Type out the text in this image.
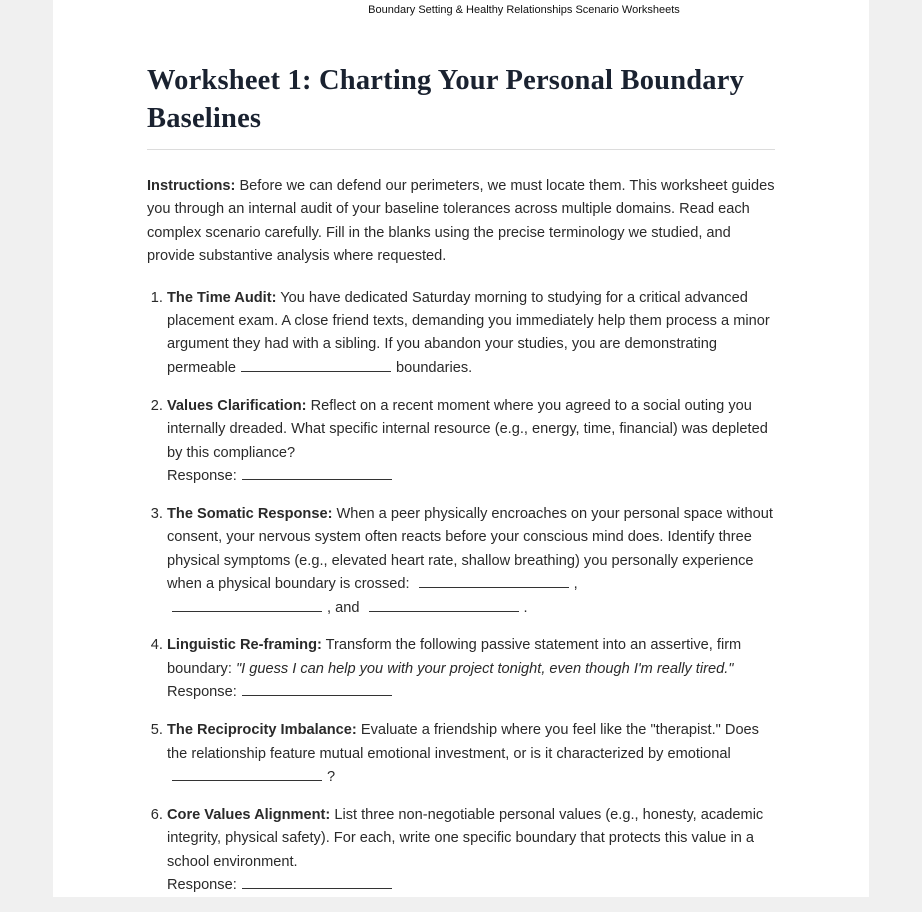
Boundary Setting & Healthy Relationships Scenario Worksheets
Worksheet 1: Charting Your Personal Boundary Baselines

Instructions: Before we can defend our perimeters, we must locate them. This worksheet guides you through an internal audit of your baseline tolerances across multiple domains. Read each complex scenario carefully. Fill in the blanks using the precise terminology we studied, and provide substantive analysis where requested.

1. The Time Audit: You have dedicated Saturday morning to studying for a critical advanced placement exam. A close friend texts, demanding you immediately help them process a minor argument they had with a sibling. If you abandon your studies, you are demonstrating permeable	boundaries.
2. Values Clarification: Reflect on a recent moment where you agreed to a social outing you internally dreaded. What specific internal resource (e.g., energy, time, financial) was depleted by this compliance?
Response:
3. The Somatic Response: When a peer physically encroaches on your personal space without consent, your nervous system often reacts before your conscious mind does. Identify three physical symptoms (e.g., elevated heart rate, shallow breathing) you personally experience when a physical boundary is crossed:	,
, and	.
4. Linguistic Re-framing: Transform the following passive statement into an assertive, firm boundary: "I guess I can help you with your project tonight, even though I'm really tired."
Response:
5. The Reciprocity Imbalance: Evaluate a friendship where you feel like the "therapist." Does the relationship feature mutual emotional investment, or is it characterized by emotional
?
6. Core Values Alignment: List three non-negotiable personal values (e.g., honesty, academic integrity, physical safety). For each, write one specific boundary that protects this value in a school environment.
Response:
